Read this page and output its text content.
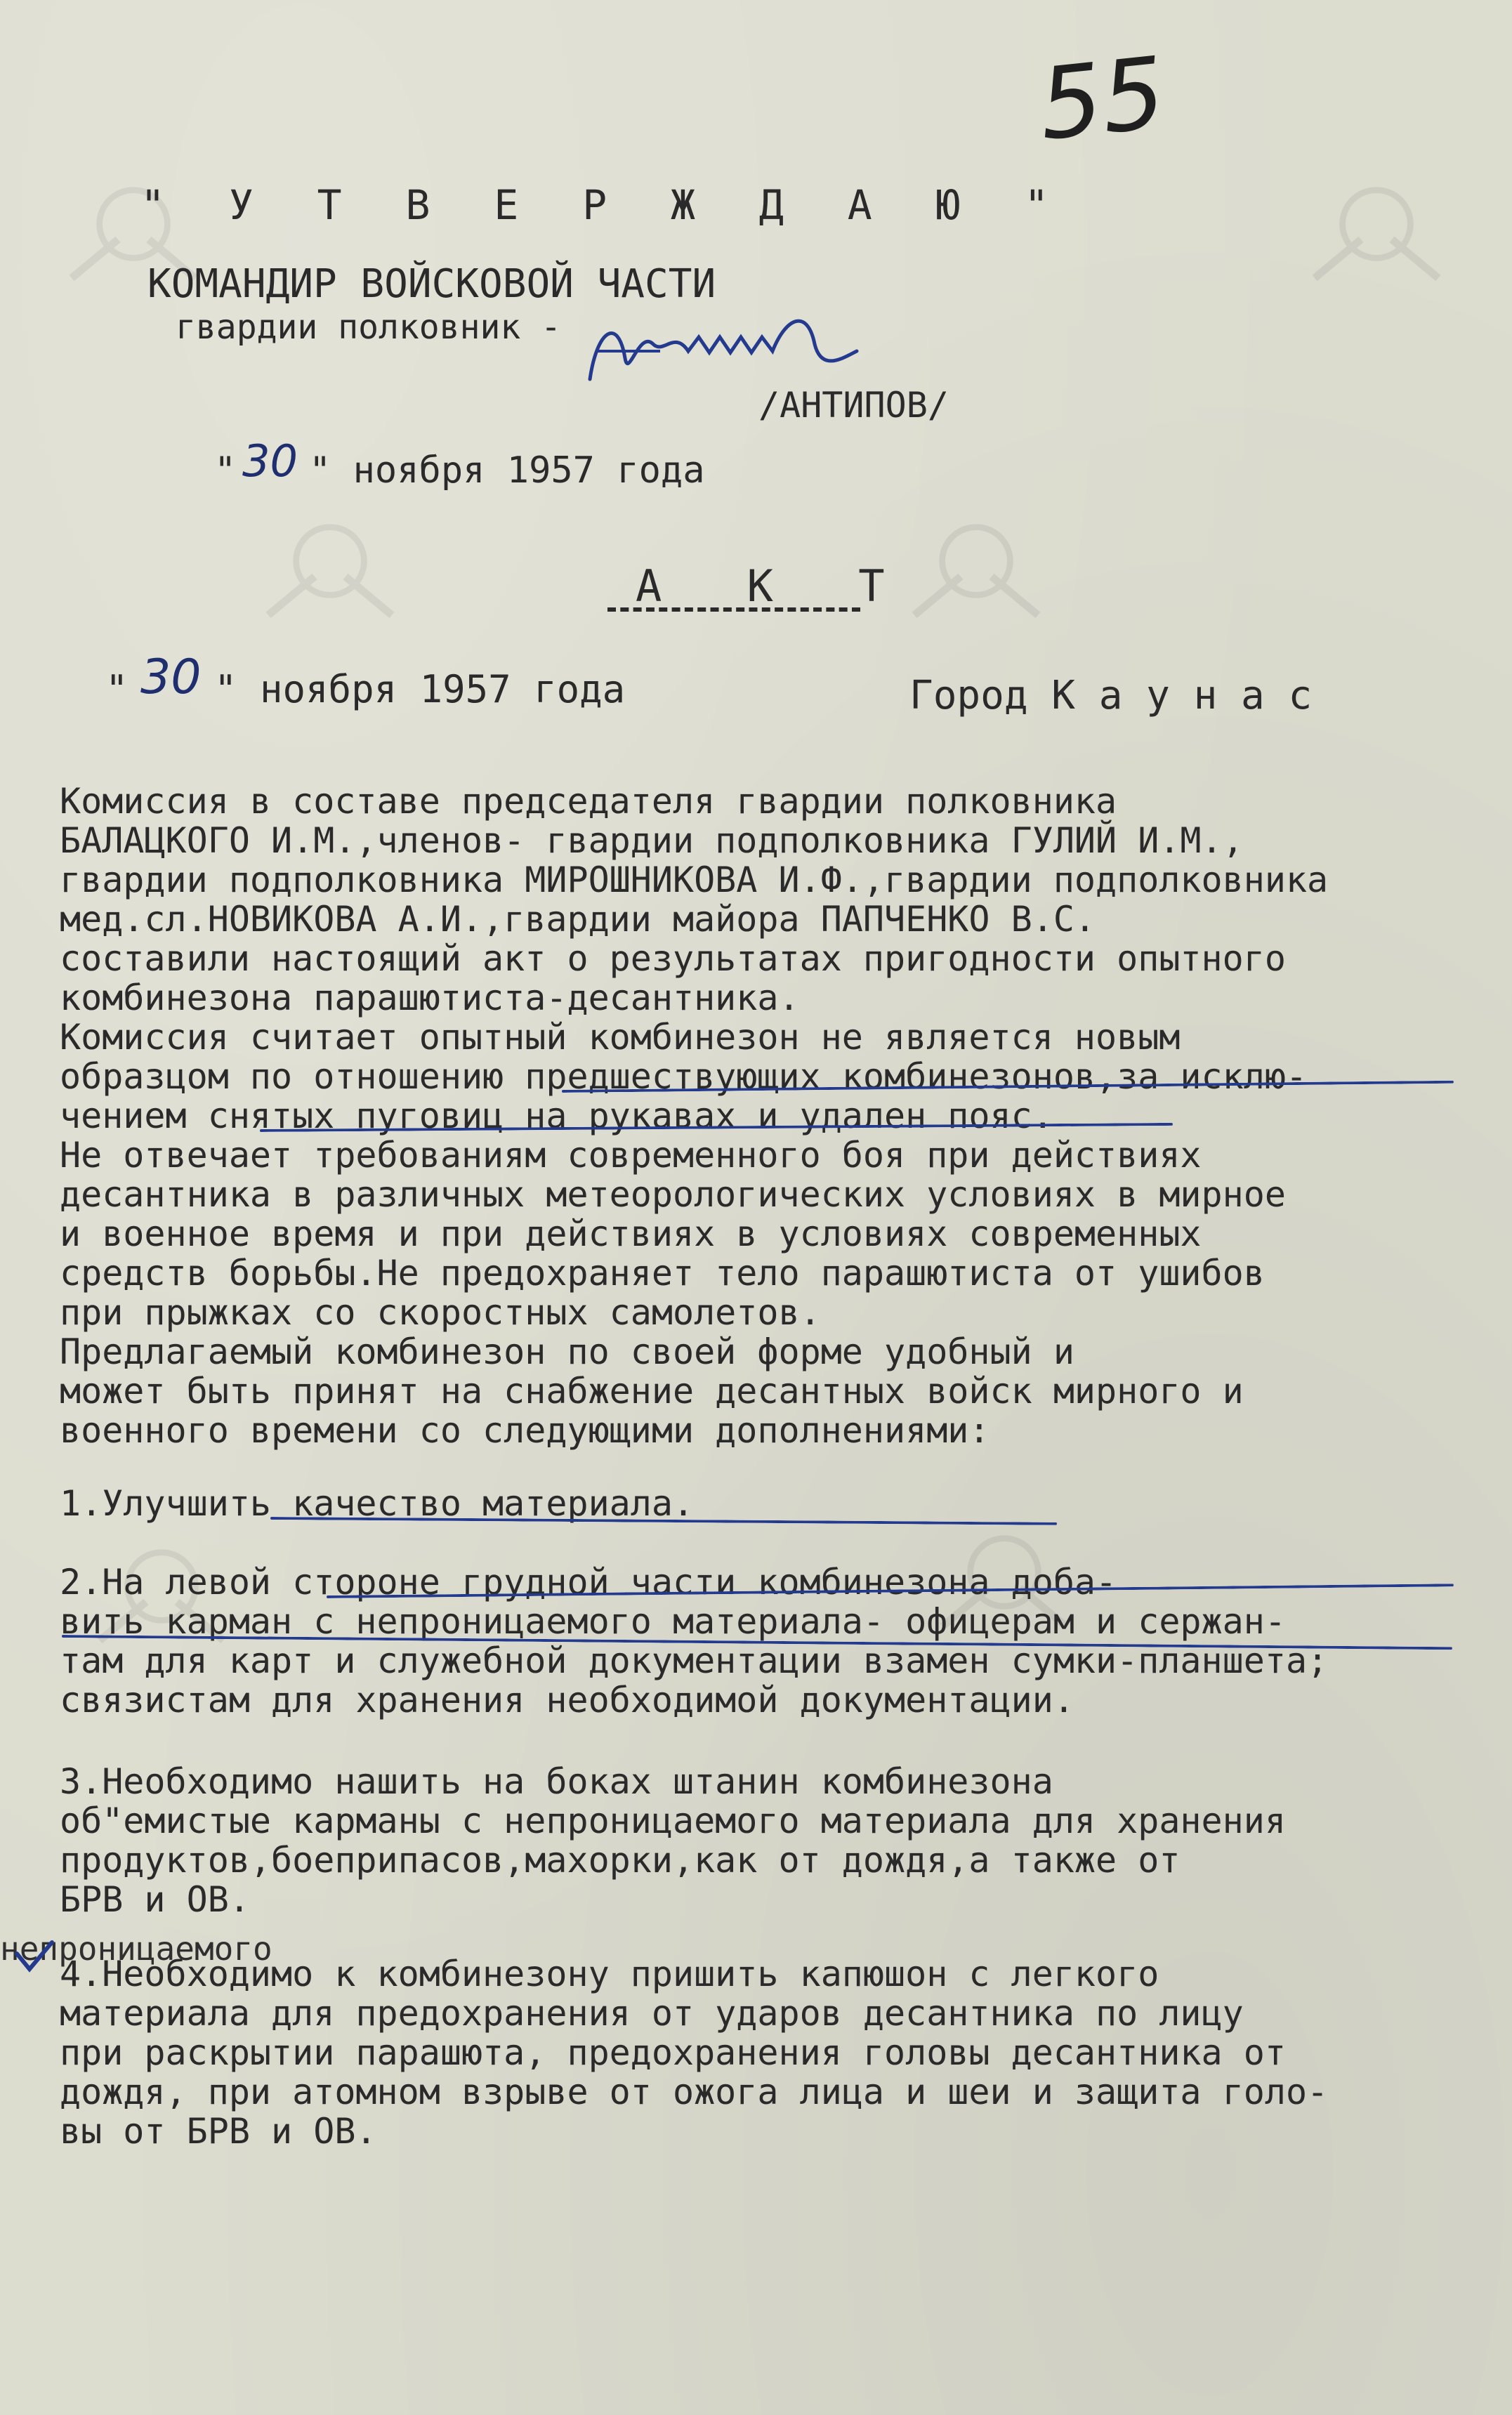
55
" У Т В Е Р Ж Д А Ю "
КОМАНДИР ВОЙСКОВОЙ ЧАСТИ
гвардии полковник -
/АНТИПОВ/
" 30 " ноября 1957 года
А К Т
" 30 " ноября 1957 года	Город К а у н а с
Комиссия в составе председателя гвардии полковника
БАЛАЦКОГО И.М.,членов- гвардии подполковника ГУЛИЙ И.М.,
гвардии подполковника МИРОШНИКОВА И.Ф.,гвардии подполковника
мед.сл.НОВИКОВА А.И.,гвардии майора ПАПЧЕНКО В.С.
составили настоящий акт о результатах пригодности опытного
комбинезона парашютиста-десантника.
Комиссия считает опытный комбинезон не является новым
образцом по отношению предшествующих комбинезонов,за исклю-
чением снятых пуговиц на рукавах и удален пояс.
Не отвечает требованиям современного боя при действиях
десантника в различных метеорологических условиях в мирное
и военное время и при действиях в условиях современных
средств борьбы.Не предохраняет тело парашютиста от ушибов
при прыжках со скоростных самолетов.
Предлагаемый комбинезон по своей форме удобный и
может быть принят на снабжение десантных войск мирного и
военного времени со следующими дополнениями:
1.Улучшить качество материала.
2.На левой стороне грудной части комбинезона доба-
вить карман с непроницаемого материала- офицерам и сержан-
там для карт и служебной документации взамен сумки-планшета;
связистам для хранения необходимой документации.
3.Необходимо нашить на боках штанин комбинезона
об"емистые карманы с непроницаемого материала для хранения
продуктов,боеприпасов,махорки,как от дождя,а также от
БРВ и ОВ.
4.Необходимо к комбинезону пришить капюшон с легкого
материала для предохранения от ударов десантника по лицу
при раскрытии парашюта, предохранения головы десантника от
дождя, при атомном взрыве от ожога лица и шеи и защита голо-
вы от БРВ и ОВ.
непроницаемого
